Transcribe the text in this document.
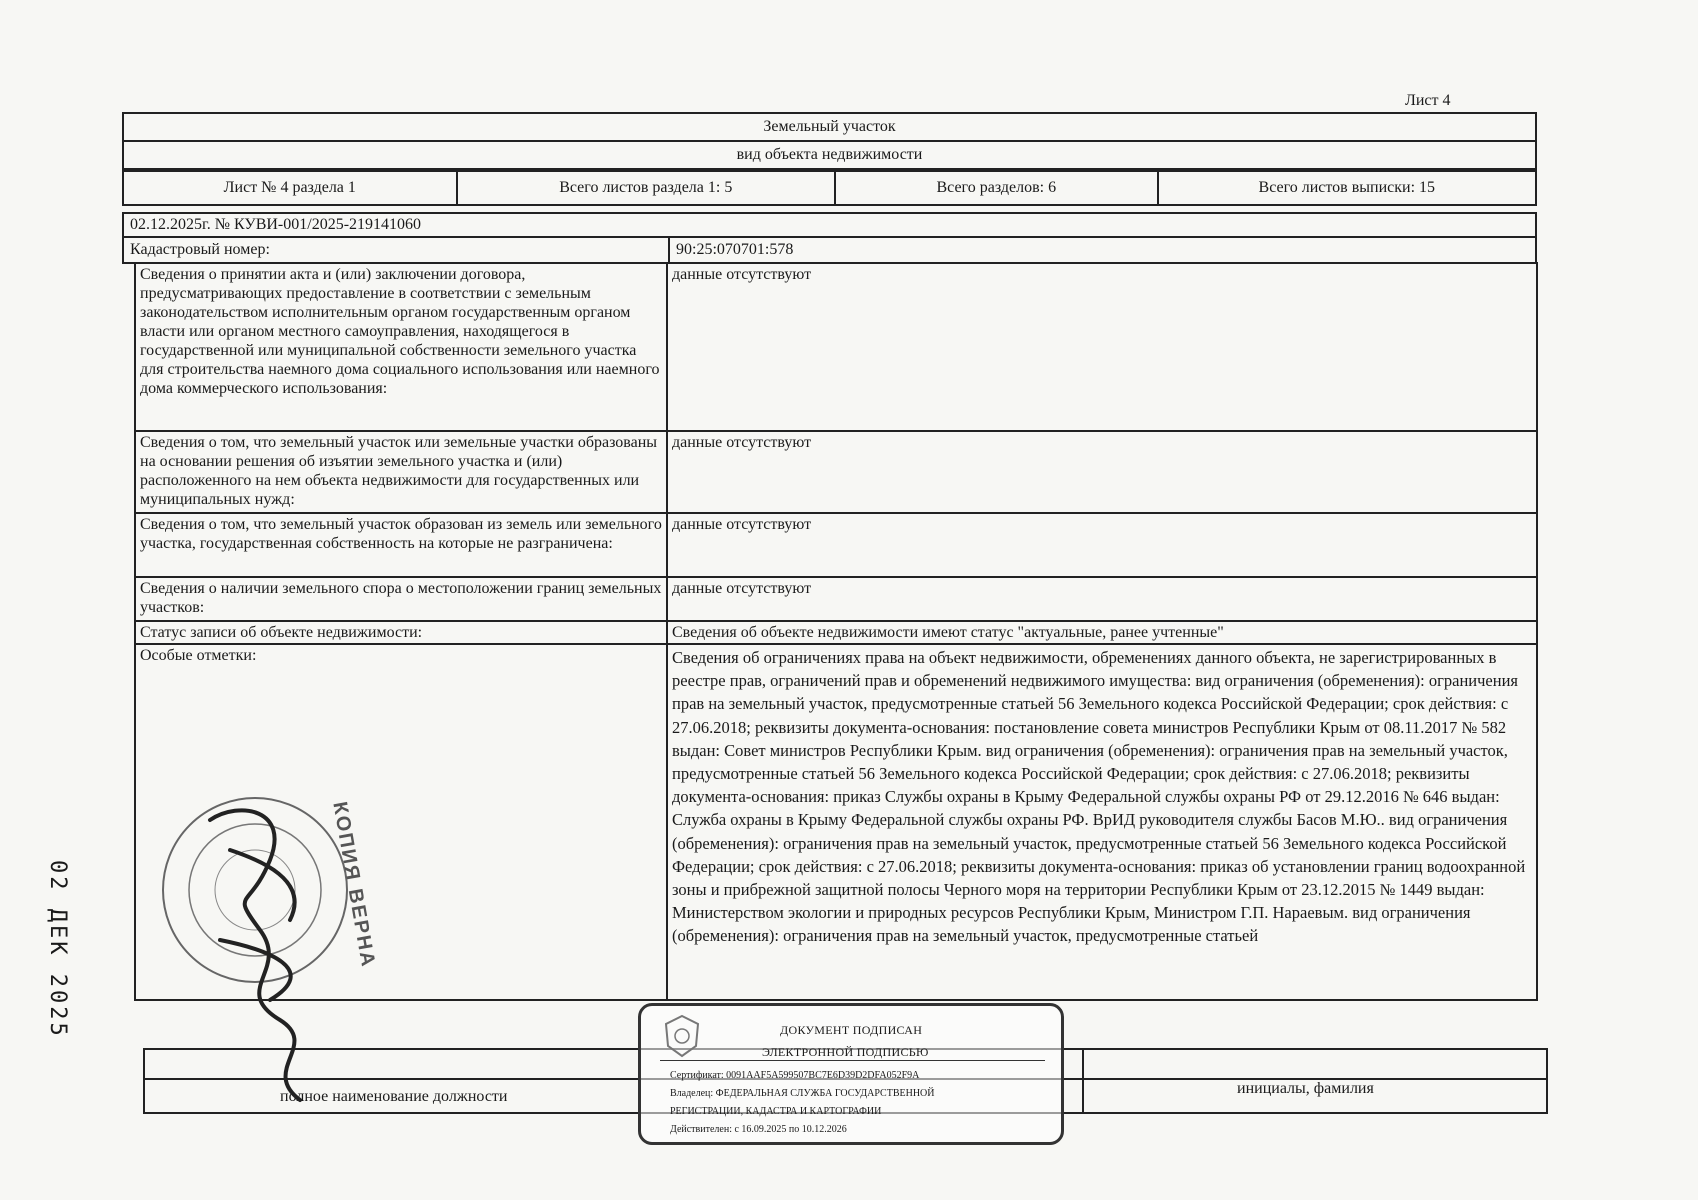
Лист 4
Земельный участок
вид объекта недвижимости
Лист № 4 раздела 1	Всего листов раздела 1: 5	Всего разделов: 6	Всего листов выписки: 15
02.12.2025г. № КУВИ-001/2025-219141060
Кадастровый номер:	90:25:070701:578
Сведения о принятии акта и (или) заключении договора, предусматривающих предоставление в соответствии с земельным законодательством исполнительным органом государственным органом власти или органом местного самоуправления, находящегося в государственной или муниципальной собственности земельного участка для строительства наемного дома социального использования или наемного дома коммерческого использования:	данные отсутствуют
Сведения о том, что земельный участок или земельные участки образованы на основании решения об изъятии земельного участка и (или) расположенного на нем объекта недвижимости для государственных или муниципальных нужд:	данные отсутствуют
Сведения о том, что земельный участок образован из земель или земельного участка, государственная собственность на которые не разграничена:	данные отсутствуют
Сведения о наличии земельного спора о местоположении границ земельных участков:	данные отсутствуют
Статус записи об объекте недвижимости:	Сведения об объекте недвижимости имеют статус "актуальные, ранее учтенные"
Особые отметки:	Сведения об ограничениях права на объект недвижимости, обременениях данного объекта, не зарегистрированных в реестре прав, ограничений прав и обременений недвижимого имущества: вид ограничения (обременения): ограничения прав на земельный участок, предусмотренные статьей 56 Земельного кодекса Российской Федерации; срок действия: с 27.06.2018; реквизиты документа-основания: постановление совета министров Республики Крым от 08.11.2017 № 582 выдан: Совет министров Республики Крым. вид ограничения (обременения): ограничения прав на земельный участок, предусмотренные статьей 56 Земельного кодекса Российской Федерации; срок действия: с 27.06.2018; реквизиты документа-основания: приказ Службы охраны в Крыму Федеральной службы охраны РФ от 29.12.2016 № 646 выдан: Служба охраны в Крыму Федеральной службы охраны РФ. ВрИД руководителя службы Басов М.Ю.. вид ограничения (обременения): ограничения прав на земельный участок, предусмотренные статьей 56 Земельного кодекса Российской Федерации; срок действия: с 27.06.2018; реквизиты документа-основания: приказ об установлении границ водоохранной зоны и прибрежной защитной полосы Черного моря на территории Республики Крым от 23.12.2015 № 1449 выдан: Министерством экологии и природных ресурсов Республики Крым, Министром Г.П. Нараевым. вид ограничения (обременения): ограничения прав на земельный участок, предусмотренные статьей
полное наименование должности	инициалы, фамилия
КОПИЯ ВЕРНА
02 ДЕК 2025	ДОКУМЕНТ ПОДПИСАН
ЭЛЕКТРОННОЙ ПОДПИСЬЮ
Сертификат: 0091AAF5A599507BC7E6D39D2DFA052F9A
Владелец: ФЕДЕРАЛЬНАЯ СЛУЖБА ГОСУДАРСТВЕННОЙ
РЕГИСТРАЦИИ, КАДАСТРА И КАРТОГРАФИИ
Действителен: с 16.09.2025 по 10.12.2026
